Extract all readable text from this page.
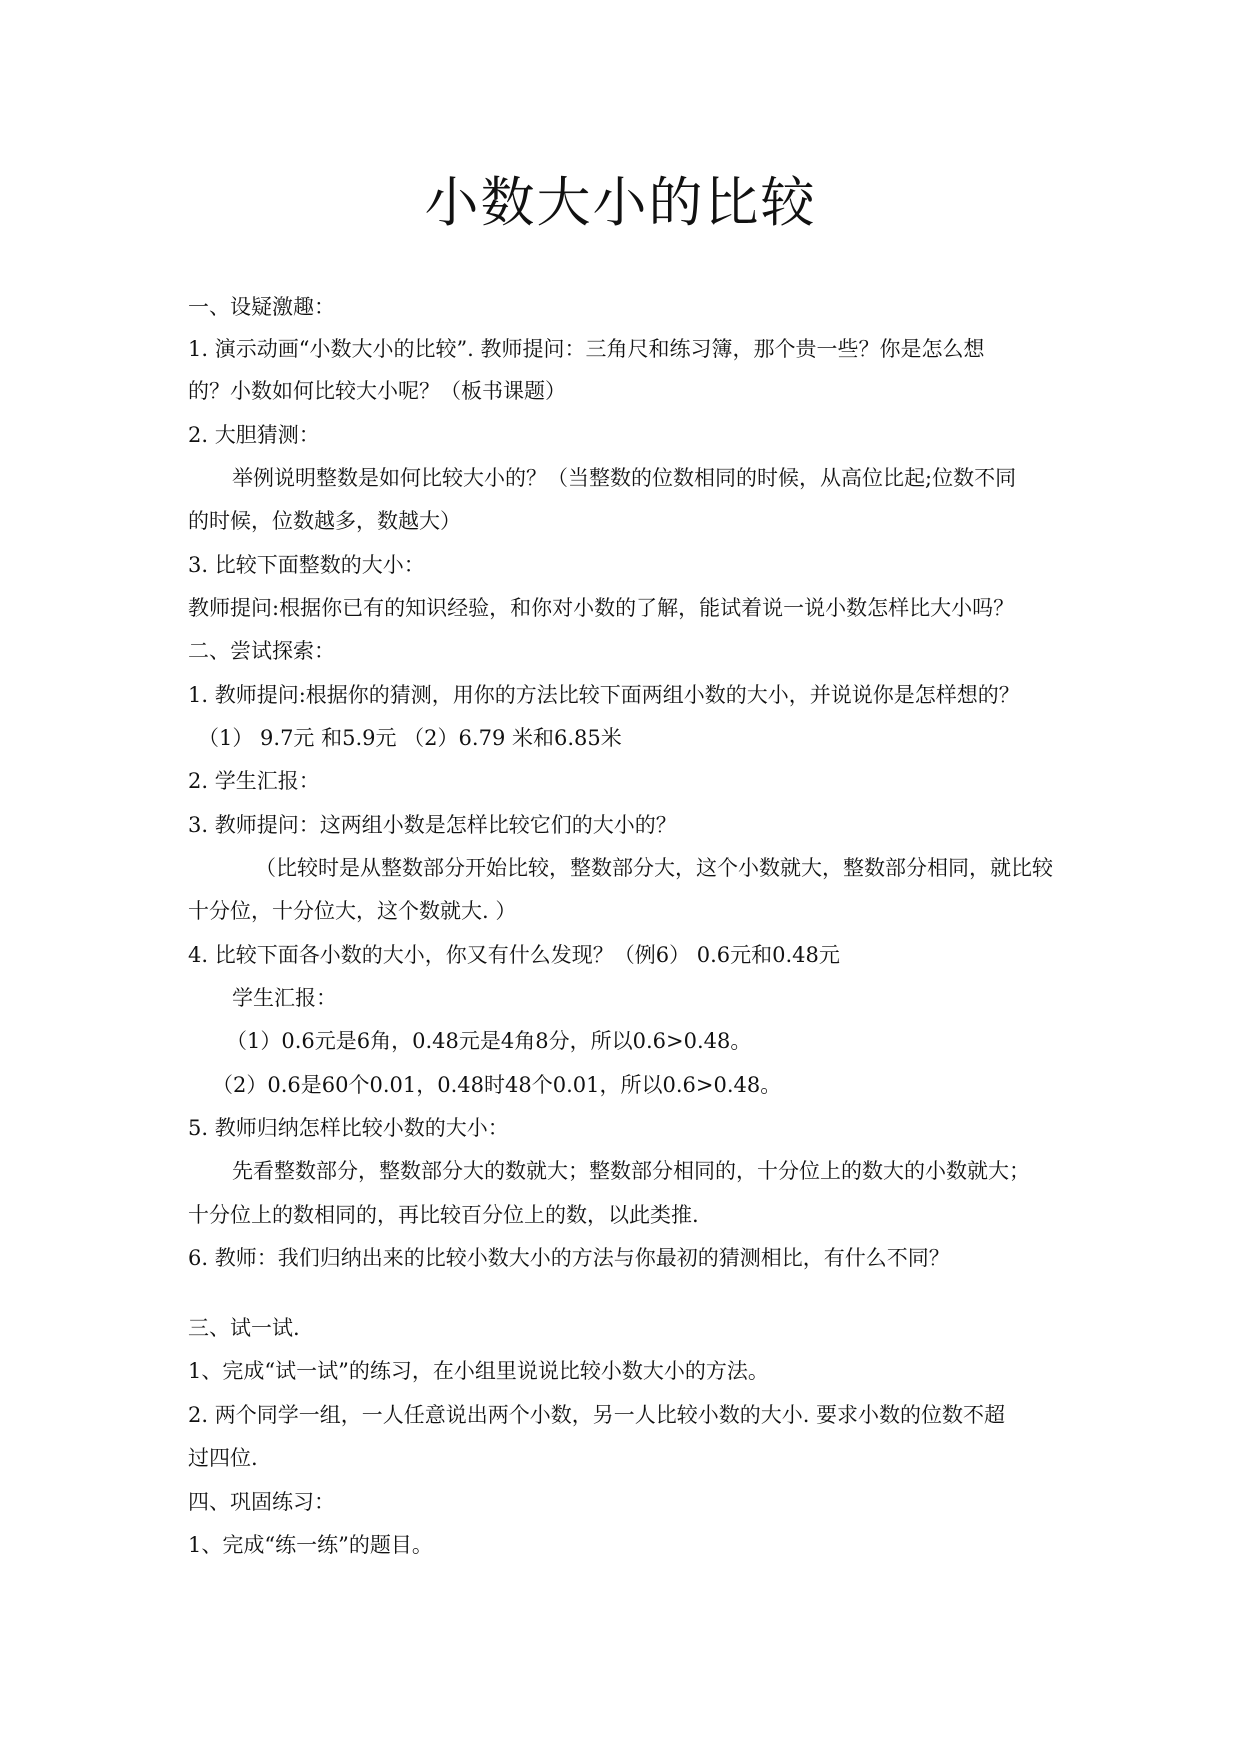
小数大小的比较
一、设疑激趣：
1. 演示动画“小数大小的比较”. 教师提问：三角尺和练习簿，那个贵一些？你是怎么想
的？小数如何比较大小呢？（板书课题）
2. 大胆猜测：
举例说明整数是如何比较大小的？（当整数的位数相同的时候，从高位比起;位数不同
的时候，位数越多，数越大）
3. 比较下面整数的大小：
教师提问:根据你已有的知识经验，和你对小数的了解，能试着说一说小数怎样比大小吗？
二、尝试探索：
1. 教师提问:根据你的猜测，用你的方法比较下面两组小数的大小，并说说你是怎样想的？
（1） 9.7元 和5.9元 （2）6.79 米和6.85米
2. 学生汇报：
3. 教师提问：这两组小数是怎样比较它们的大小的？
（比较时是从整数部分开始比较，整数部分大，这个小数就大，整数部分相同，就比较
十分位，十分位大，这个数就大. ）
4. 比较下面各小数的大小，你又有什么发现？（例6） 0.6元和0.48元
学生汇报：
（1）0.6元是6角，0.48元是4角8分，所以0.6>0.48。
（2）0.6是60个0.01，0.48时48个0.01，所以0.6>0.48。
5. 教师归纳怎样比较小数的大小：
先看整数部分，整数部分大的数就大；整数部分相同的，十分位上的数大的小数就大；
十分位上的数相同的，再比较百分位上的数，以此类推.
6. 教师：我们归纳出来的比较小数大小的方法与你最初的猜测相比，有什么不同？
三、试一试.
1、完成“试一试”的练习，在小组里说说比较小数大小的方法。
2. 两个同学一组，一人任意说出两个小数，另一人比较小数的大小. 要求小数的位数不超
过四位.
四、巩固练习：
1、完成“练一练”的题目。
